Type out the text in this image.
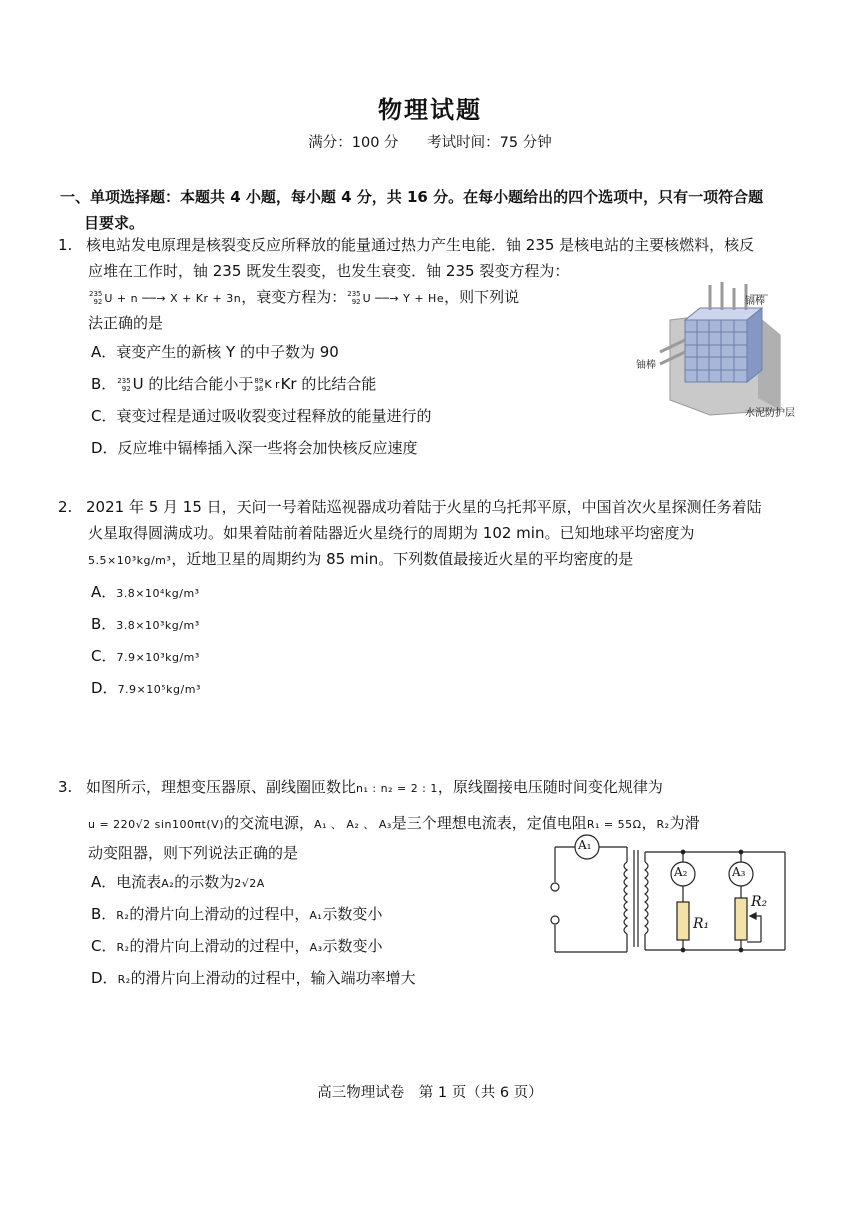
物理试题
满分：100 分 考试时间：75 分钟
一、单项选择题：本题共 4 小题，每小题 4 分，共 16 分。在每小题给出的四个选项中，只有一项符合题
目要求。
1. 核电站发电原理是核裂变反应所释放的能量通过热力产生电能．铀 235 是核电站的主要核燃料，核反
应堆在工作时，铀 235 既发生裂变，也发生衰变．铀 235 裂变方程为：
235
92 U + n ──→ X + Kr + 3n，衰变方程为： 235
92 U ──→ Y + He，则下列说
法正确的是
A．衰变产生的新核 Y 的中子数为 90
B． 235
92 U 的比结合能小于 89
36 K r Kr 的比结合能
C．衰变过程是通过吸收裂变过程释放的能量进行的
D．反应堆中镉棒插入深一些将会加快核反应速度
镉棒
铀棒
水泥防护层
2. 2021 年 5 月 15 日，天问一号着陆巡视器成功着陆于火星的乌托邦平原，中国首次火星探测任务着陆
火星取得圆满成功。如果着陆前着陆器近火星绕行的周期为 102 min。已知地球平均密度为
5.5×10³kg/m³，近地卫星的周期约为 85 min。下列数值最接近火星的平均密度的是
A．3.8×10⁴kg/m³
B．3.8×10³kg/m³
C．7.9×10³kg/m³
D．7.9×10⁵kg/m³
3. 如图所示，理想变压器原、副线圈匝数比n₁ : n₂ = 2 : 1，原线圈接电压随时间变化规律为
u = 220√2 sin100πt(V)的交流电源，A₁ 、 A₂ 、 A₃是三个理想电流表，定值电阻R₁ = 55Ω，R₂为滑
动变阻器，则下列说法正确的是
A．电流表A₂的示数为2√2A
B．R₂的滑片向上滑动的过程中，A₁示数变小
C．R₂的滑片向上滑动的过程中，A₃示数变小
D．R₂的滑片向上滑动的过程中，输入端功率增大
A₁
A₂	A₃
R₁
R₂
高三物理试卷　第 1 页（共 6 页）
